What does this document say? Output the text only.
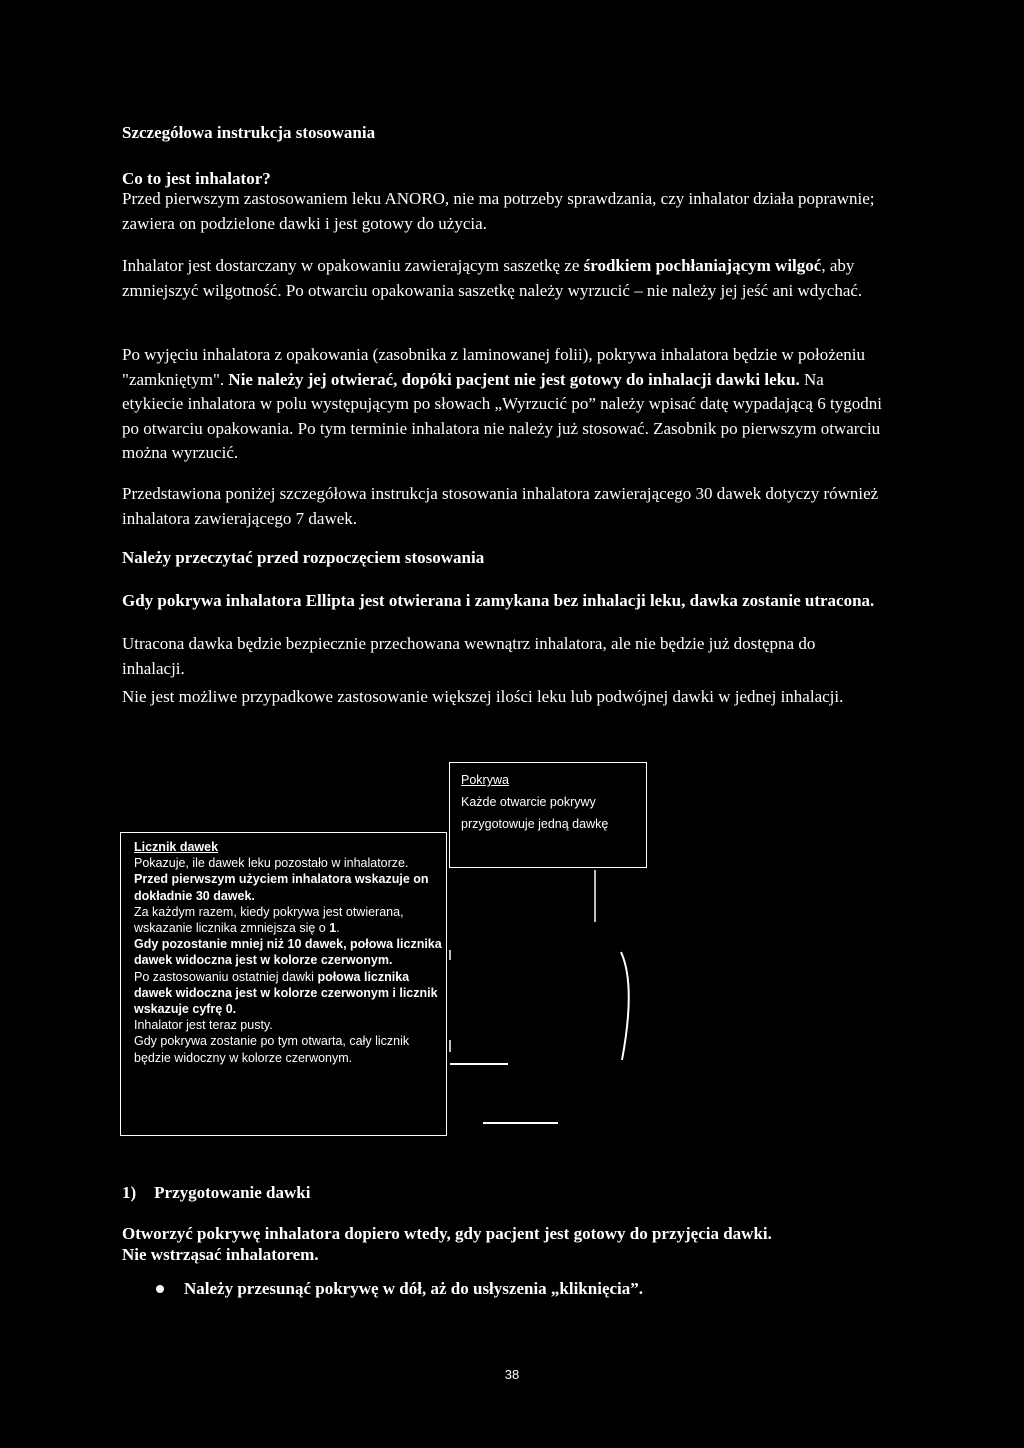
Szczegółowa instrukcja stosowania

Co to jest inhalator?

Przed pierwszym zastosowaniem leku ANORO, nie ma potrzeby sprawdzania, czy inhalator działa poprawnie; zawiera on podzielone dawki i jest gotowy do użycia.

Inhalator jest dostarczany w opakowaniu zawierającym saszetkę ze środkiem pochłaniającym wilgoć, aby zmniejszyć wilgotność. Po otwarciu opakowania saszetkę należy wyrzucić – nie należy jej jeść ani wdychać.

Po wyjęciu inhalatora z opakowania (zasobnika z laminowanej folii), pokrywa inhalatora będzie w położeniu "zamkniętym". Nie należy jej otwierać, dopóki pacjent nie jest gotowy do inhalacji dawki leku. Na etykiecie inhalatora w polu występującym po słowach „Wyrzucić po” należy wpisać datę wypadającą 6 tygodni po otwarciu opakowania. Po tym terminie inhalatora nie należy już stosować. Zasobnik po pierwszym otwarciu można wyrzucić.

Przedstawiona poniżej szczegółowa instrukcja stosowania inhalatora zawierającego 30 dawek dotyczy również inhalatora zawierającego 7 dawek.

Należy przeczytać przed rozpoczęciem stosowania

Gdy pokrywa inhalatora Ellipta jest otwierana i zamykana bez inhalacji leku, dawka zostanie utracona.

Utracona dawka będzie bezpiecznie przechowana wewnątrz inhalatora, ale nie będzie już dostępna do inhalacji.

Nie jest możliwe przypadkowe zastosowanie większej ilości leku lub podwójnej dawki w jednej inhalacji.

Pokrywa
Każde otwarcie pokrywy przygotowuje jedną dawkę
Licznik dawek
Pokazuje, ile dawek leku pozostało w inhalatorze.
Przed pierwszym użyciem inhalatora wskazuje on dokładnie 30 dawek.
Za każdym razem, kiedy pokrywa jest otwierana, wskazanie licznika zmniejsza się o 1.
Gdy pozostanie mniej niż 10 dawek, połowa licznika dawek widoczna jest w kolorze czerwonym.
Po zastosowaniu ostatniej dawki połowa licznika dawek widoczna jest w kolorze czerwonym i licznik wskazuje cyfrę 0.
Inhalator jest teraz pusty.
Gdy pokrywa zostanie po tym otwarta, cały licznik będzie widoczny w kolorze czerwonym.

1) Przygotowanie dawki

Otworzyć pokrywę inhalatora dopiero wtedy, gdy pacjent jest gotowy do przyjęcia dawki.

Nie wstrząsać inhalatorem.

Należy przesunąć pokrywę w dół, aż do usłyszenia „kliknięcia”.
38
